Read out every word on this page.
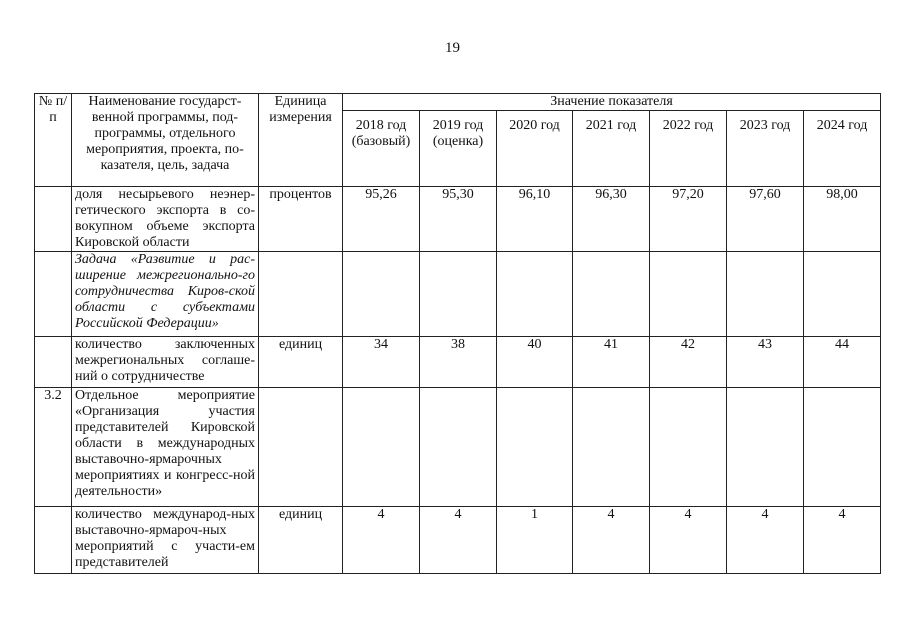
19
№ п/п	Наименование государст-венной программы, под-программы, отдельного мероприятия, проекта, по-казателя, цель, задача	Единица измерения	Значение показателя						
			2018 год (базовый)	2019 год (оценка)	2020 год	2021 год	2022 год	2023 год	2024 год
	доля несырьевого неэнер-гетического экспорта в со-вокупном объеме экспорта Кировской области	процентов	95,26	95,30	96,10	96,30	97,20	97,60	98,00
	Задача «Развитие и рас-ширение межрегионально-го сотрудничества Киров-ской области с субъектами Российской Федерации»								
	количество заключенных межрегиональных соглаше-ний о сотрудничестве	единиц	34	38	40	41	42	43	44
3.2	Отдельное мероприятие «Организация участия представителей Кировской области в международных выставочно-ярмарочных мероприятиях и конгресс-ной деятельности»								
	количество международ-ных выставочно-ярмароч-ных мероприятий с участи-ем представителей	единиц	4	4	1	4	4	4	4
